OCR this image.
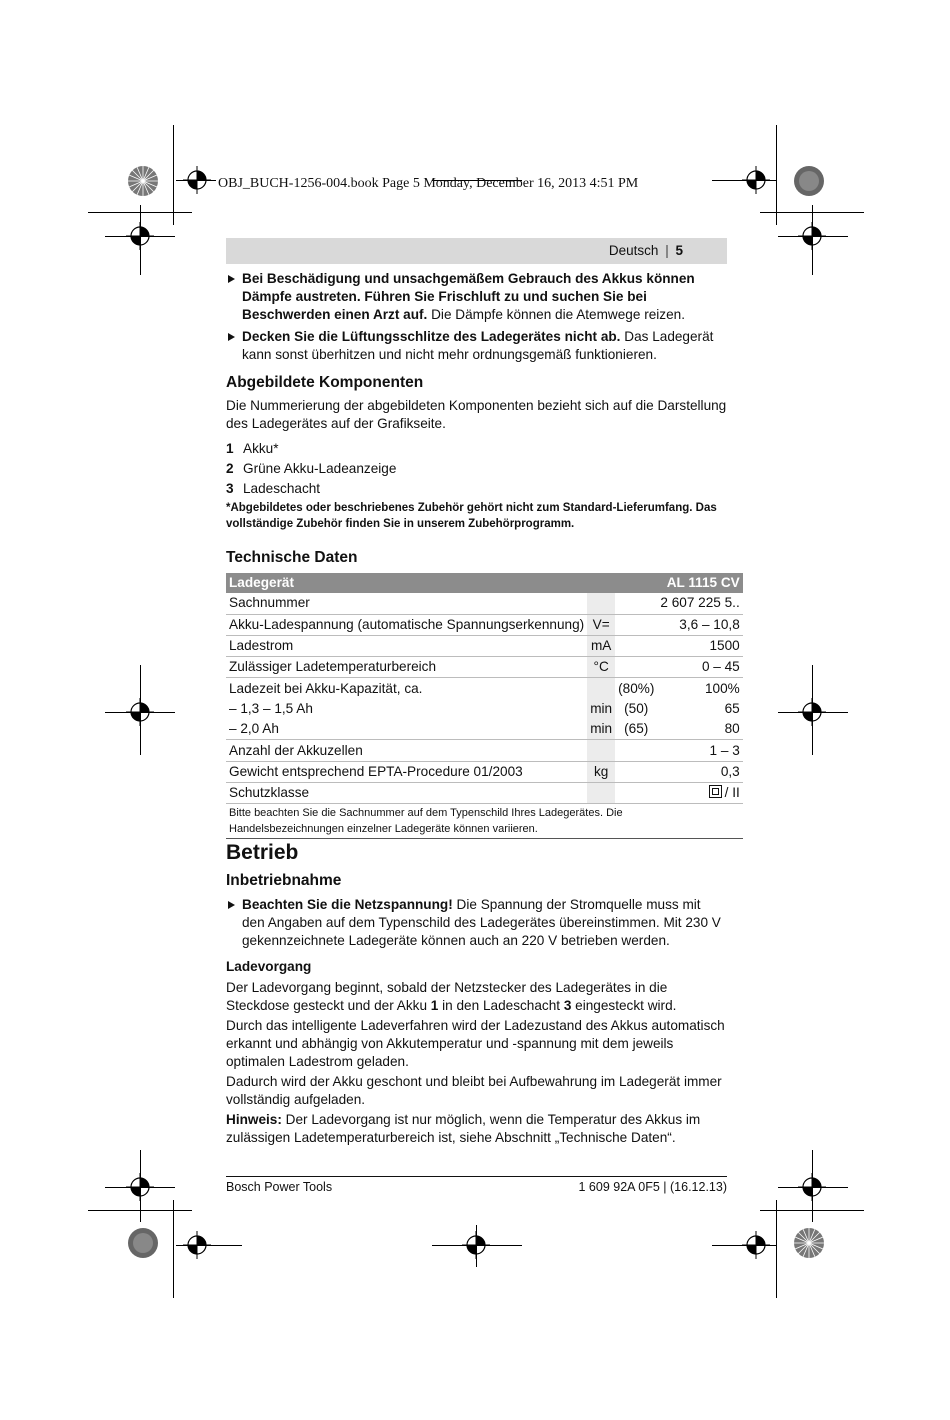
OBJ_BUCH-1256-004.book Page 5 Monday, December 16, 2013 4:51 PM
Deutsch | 5

Bei Beschädigung und unsachgemäßem Gebrauch des Akkus können Dämpfe austreten. Führen Sie Frischluft zu und suchen Sie bei Beschwerden einen Arzt auf. Die Dämpfe können die Atemwege reizen.

Decken Sie die Lüftungsschlitze des Ladegerätes nicht ab. Das Ladegerät kann sonst überhitzen und nicht mehr ordnungsgemäß funktionieren.

Abgebildete Komponenten

Die Nummerierung der abgebildeten Komponenten bezieht sich auf die Darstellung des Ladegerätes auf der Grafikseite.

1 Akku*
2 Grüne Akku-Ladeanzeige
3 Ladeschacht

*Abgebildetes oder beschriebenes Zubehör gehört nicht zum Standard-Lieferumfang. Das vollständige Zubehör finden Sie in unserem Zubehörprogramm.

Technische Daten
Ladegerät			AL 1115 CV
Sachnummer			2 607 225 5..
Akku-Ladespannung (automatische Spannungserkennung)	V=		3,6 – 10,8
Ladestrom	mA		1500
Zulässiger Ladetemperaturbereich	°C		0 – 45
Ladezeit bei Akku-Kapazität, ca.		(80%)	100%
– 1,3 – 1,5 Ah	min	(50)	65
– 2,0 Ah	min	(65)	80
Anzahl der Akkuzellen			1 – 3
Gewicht entsprechend EPTA-Procedure 01/2003	kg		0,3
Schutzklasse			/ II
Bitte beachten Sie die Sachnummer auf dem Typenschild Ihres Ladegerätes. Die Handelsbezeichnungen einzelner Ladegeräte können variieren.			
Betrieb
Inbetriebnahme

Beachten Sie die Netzspannung! Die Spannung der Stromquelle muss mit den Angaben auf dem Typenschild des Ladegerätes übereinstimmen. Mit 230 V gekennzeichnete Ladegeräte können auch an 220 V betrieben werden.

Ladevorgang

Der Ladevorgang beginnt, sobald der Netzstecker des Ladegerätes in die Steckdose gesteckt und der Akku 1 in den Ladeschacht 3 eingesteckt wird.

Durch das intelligente Ladeverfahren wird der Ladezustand des Akkus automatisch erkannt und abhängig von Akkutemperatur und -spannung mit dem jeweils optimalen Ladestrom geladen.

Dadurch wird der Akku geschont und bleibt bei Aufbewahrung im Ladegerät immer vollständig aufgeladen.

Hinweis: Der Ladevorgang ist nur möglich, wenn die Temperatur des Akkus im zulässigen Ladetemperaturbereich ist, siehe Abschnitt „Technische Daten“.

Bosch Power Tools	1 609 92A 0F5 | (16.12.13)
